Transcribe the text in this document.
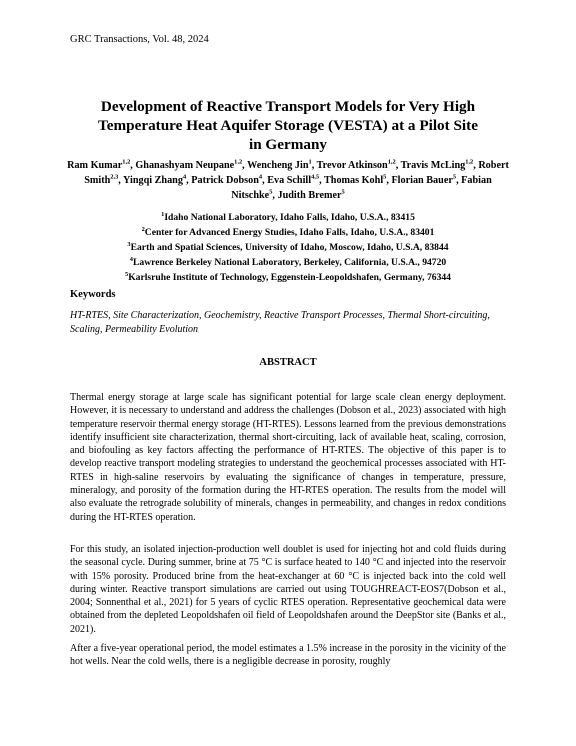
GRC Transactions, Vol. 48, 2024
Development of Reactive Transport Models for Very High
Temperature Heat Aquifer Storage (VESTA) at a Pilot Site
in Germany
Ram Kumar$^{1,2}$, Ghanashyam Neupane$^{1,2}$, Wencheng Jin$^1$, Trevor Atkinson$^{1,2}$, Travis McLing$^{1,2}$, Robert Smith$^{2,3}$, Yingqi Zhang$^4$, Patrick Dobson$^4$, Eva Schill$^{4,5}$, Thomas Kohl$^5$, Florian Bauer$^5$, Fabian Nitschke$^5$, Judith Bremer$^5$
$^1$Idaho National Laboratory, Idaho Falls, Idaho, U.S.A., 83415
$^2$Center for Advanced Energy Studies, Idaho Falls, Idaho, U.S.A., 83401
$^3$Earth and Spatial Sciences, University of Idaho, Moscow, Idaho, U.S.A, 83844
$^4$Lawrence Berkeley National Laboratory, Berkeley, California, U.S.A., 94720
$^5$Karlsruhe Institute of Technology, Eggenstein-Leopoldshafen, Germany, 76344
Keywords
HT-RTES, Site Characterization, Geochemistry, Reactive Transport Processes, Thermal Short-circuiting, Scaling, Permeability Evolution
ABSTRACT

Thermal energy storage at large scale has significant potential for large scale clean energy deployment. However, it is necessary to understand and address the challenges (Dobson et al., 2023) associated with high temperature reservoir thermal energy storage (HT-RTES). Lessons learned from the previous demonstrations identify insufficient site characterization, thermal short-circuiting, lack of available heat, scaling, corrosion, and biofouling as key factors affecting the performance of HT-RTES. The objective of this paper is to develop reactive transport modeling strategies to understand the geochemical processes associated with HT-RTES in high-saline reservoirs by evaluating the significance of changes in temperature, pressure, mineralogy, and porosity of the formation during the HT-RTES operation. The results from the model will also evaluate the retrograde solubility of minerals, changes in permeability, and changes in redox conditions during the HT-RTES operation.

For this study, an isolated injection-production well doublet is used for injecting hot and cold fluids during the seasonal cycle. During summer, brine at 75 °C is surface heated to 140 °C and injected into the reservoir with 15% porosity. Produced brine from the heat-exchanger at 60 °C is injected back into the cold well during winter. Reactive transport simulations are carried out using TOUGHREACT-EOS7(Dobson et al., 2004; Sonnenthal et al., 2021) for 5 years of cyclic RTES operation. Representative geochemical data were obtained from the depleted Leopoldshafen oil field of Leopoldshafen around the DeepStor site (Banks et al., 2021).

After a five-year operational period, the model estimates a 1.5% increase in the porosity in the vicinity of the hot wells. Near the cold wells, there is a negligible decrease in porosity, roughly
